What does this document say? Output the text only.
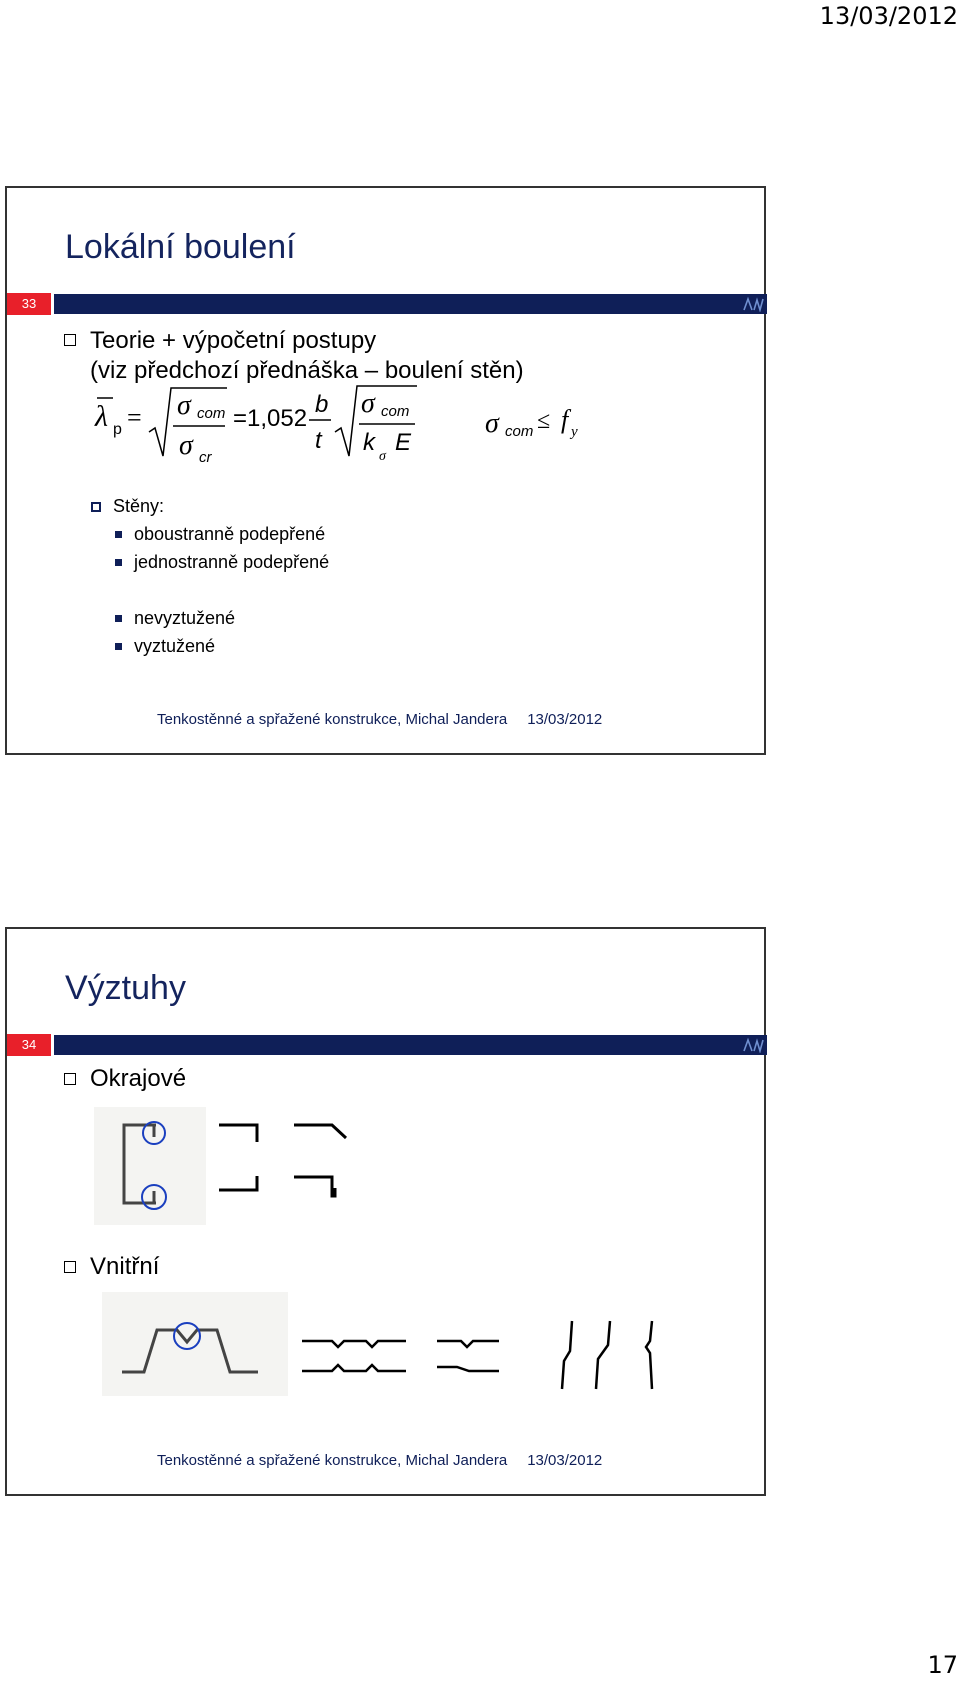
13/03/2012
Lokální boulení
33
Teorie + výpočetní postupy
(viz předchozí přednáška – boulení stěn)
λ p = σ com
σ cr
=1,052
b
t
σ com
k
σ
E
σ com ≤ f y
Stěny:
oboustranně podepřené
jednostranně podepřené
nevyztužené
vyztužené
Tenkostěnné a spřažené konstrukce, Michal Jandera 13/03/2012
Výztuhy
34
Okrajové
Vnitřní
Tenkostěnné a spřažené konstrukce, Michal Jandera 13/03/2012
17
